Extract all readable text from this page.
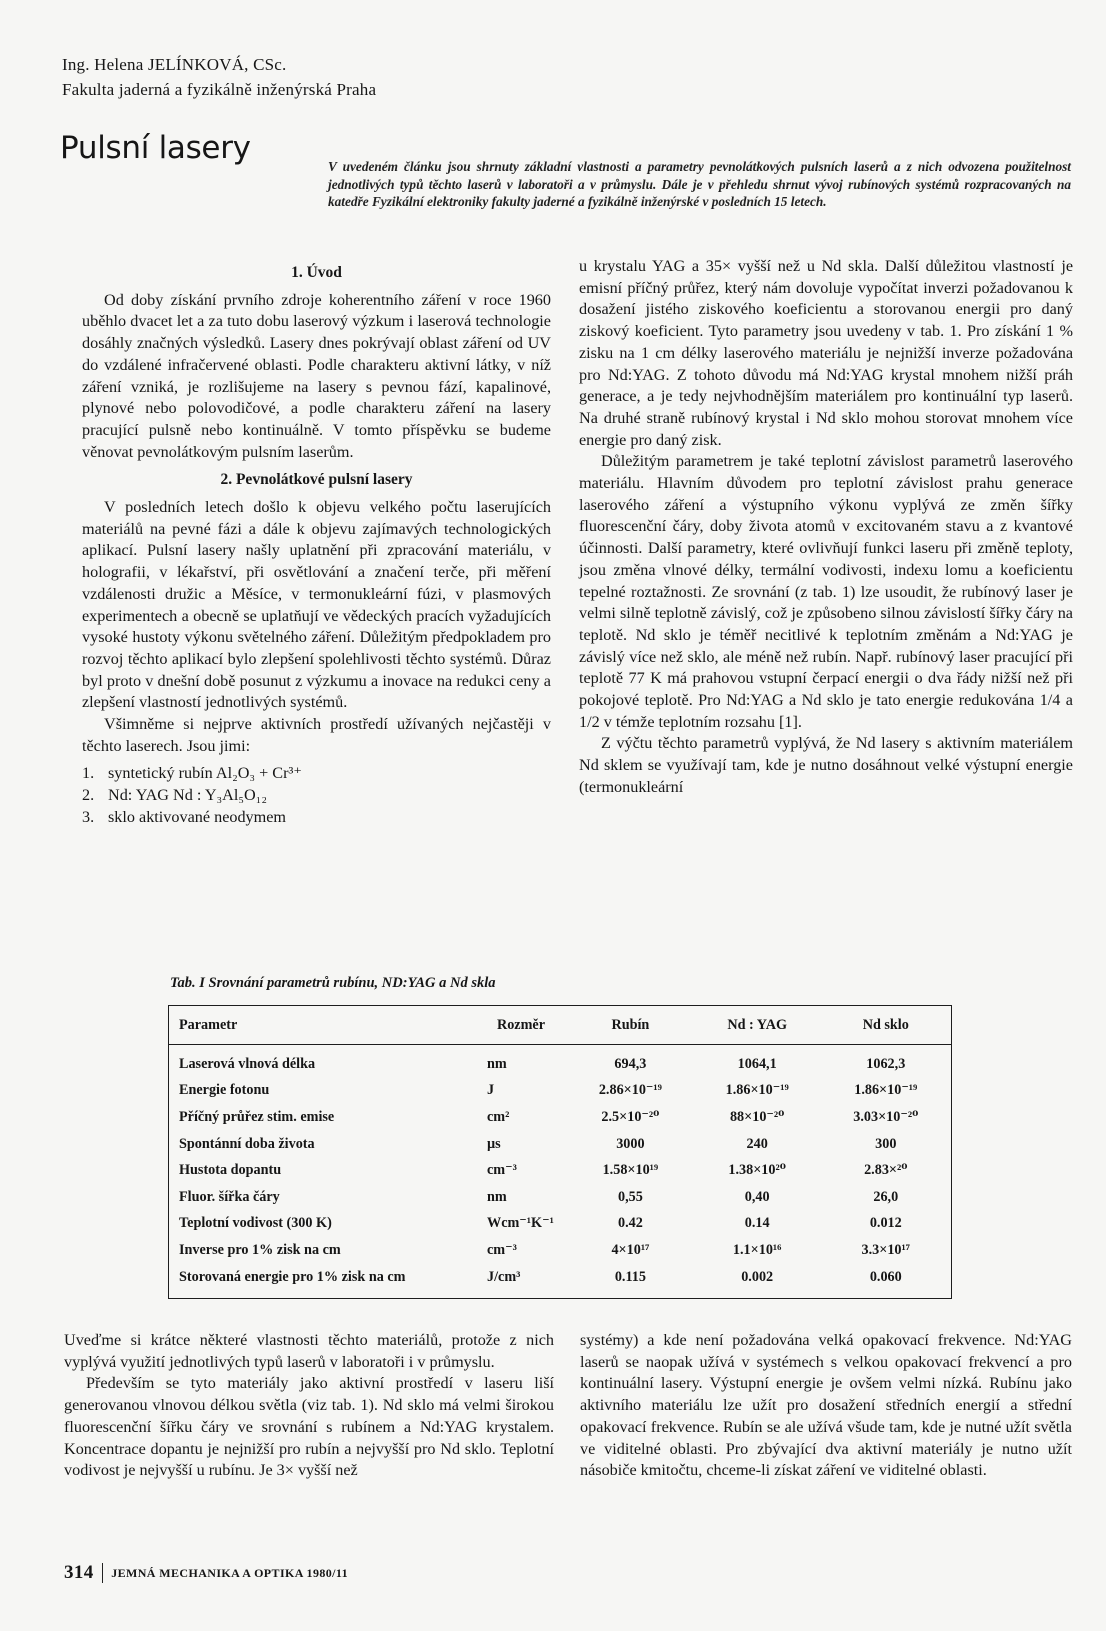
Ing. Helena JELÍNKOVÁ, CSc.
Fakulta jaderná a fyzikálně inženýrská Praha
Pulsní lasery
V uvedeném článku jsou shrnuty základní vlastnosti a parametry pevnolátkových pulsních laserů a z nich odvozena použitelnost jednotlivých typů těchto laserů v laboratoři a v průmyslu. Dále je v přehledu shrnut vývoj rubínových systémů rozpracovaných na katedře Fyzikální elektroniky fakulty jaderné a fyzikálně inženýrské v posledních 15 letech.
1. Úvod

Od doby získání prvního zdroje koherentního záření v roce 1960 uběhlo dvacet let a za tuto dobu laserový výzkum i laserová technologie dosáhly značných výsledků. Lasery dnes pokrývají oblast záření od UV do vzdálené infračervené oblasti. Podle charakteru aktivní látky, v níž záření vzniká, je rozlišujeme na lasery s pevnou fází, kapalinové, plynové nebo polovodičové, a podle charakteru záření na lasery pracující pulsně nebo kontinuálně. V tomto příspěvku se budeme věnovat pevnolátkovým pulsním laserům.

2. Pevnolátkové pulsní lasery

V posledních letech došlo k objevu velkého počtu laserujících materiálů na pevné fázi a dále k objevu zajímavých technologických aplikací. Pulsní lasery našly uplatnění při zpracování materiálu, v holografii, v lékařství, při osvětlování a značení terče, při měření vzdálenosti družic a Měsíce, v termonukleární fúzi, v plasmových experimentech a obecně se uplatňují ve vědeckých pracích vyžadujících vysoké hustoty výkonu světelného záření. Důležitým předpokladem pro rozvoj těchto aplikací bylo zlepšení spolehlivosti těchto systémů. Důraz byl proto v dnešní době posunut z výzkumu a inovace na redukci ceny a zlepšení vlastností jednotlivých systémů.

Všimněme si nejprve aktivních prostředí užívaných nejčastěji v těchto laserech. Jsou jimi:

1. syntetický rubín Al₂O₃ + Cr³⁺
2. Nd: YAG Nd : Y₃Al₅O₁₂
3. sklo aktivované neodymem

u krystalu YAG a 35× vyšší než u Nd skla. Další důležitou vlastností je emisní příčný průřez, který nám dovoluje vypočítat inverzi požadovanou k dosažení jistého ziskového koeficientu a storovanou energii pro daný ziskový koeficient. Tyto parametry jsou uvedeny v tab. 1. Pro získání 1 % zisku na 1 cm délky laserového materiálu je nejnižší inverze požadována pro Nd:YAG. Z tohoto důvodu má Nd:YAG krystal mnohem nižší práh generace, a je tedy nejvhodnějším materiálem pro kontinuální typ laserů. Na druhé straně rubínový krystal i Nd sklo mohou storovat mnohem více energie pro daný zisk.

Důležitým parametrem je také teplotní závislost parametrů laserového materiálu. Hlavním důvodem pro teplotní závislost prahu generace laserového záření a výstupního výkonu vyplývá ze změn šířky fluorescenční čáry, doby života atomů v excitovaném stavu a z kvantové účinnosti. Další parametry, které ovlivňují funkci laseru při změně teploty, jsou změna vlnové délky, termální vodivosti, indexu lomu a koeficientu tepelné roztažnosti. Ze srovnání (z tab. 1) lze usoudit, že rubínový laser je velmi silně teplotně závislý, což je způsobeno silnou závislostí šířky čáry na teplotě. Nd sklo je téměř necitlivé k teplotním změnám a Nd:YAG je závislý více než sklo, ale méně než rubín. Např. rubínový laser pracující při teplotě 77 K má prahovou vstupní čerpací energii o dva řády nižší než při pokojové teplotě. Pro Nd:YAG a Nd sklo je tato energie redukována 1/4 a 1/2 v témže teplotním rozsahu [1].

Z výčtu těchto parametrů vyplývá, že Nd lasery s aktivním materiálem Nd sklem se využívají tam, kde je nutno dosáhnout velké výstupní energie (termonukleární

Tab. I Srovnání parametrů rubínu, ND:YAG a Nd skla
Parametr	Rozměr	Rubín	Nd : YAG	Nd sklo
Laserová vlnová délka	nm	694,3	1064,1	1062,3
Energie fotonu	J	2.86×10⁻¹⁹	1.86×10⁻¹⁹	1.86×10⁻¹⁹
Příčný průřez stim. emise	cm²	2.5×10⁻²⁰	88×10⁻²⁰	3.03×10⁻²⁰
Spontánní doba života	µs	3000	240	300
Hustota dopantu	cm⁻³	1.58×10¹⁹	1.38×10²⁰	2.83×²⁰
Fluor. šířka čáry	nm	0,55	0,40	26,0
Teplotní vodivost (300 K)	Wcm⁻¹K⁻¹	0.42	0.14	0.012
Inverse pro 1% zisk na cm	cm⁻³	4×10¹⁷	1.1×10¹⁶	3.3×10¹⁷
Storovaná energie pro 1% zisk na cm	J/cm³	0.115	0.002	0.060

Uveďme si krátce některé vlastnosti těchto materiálů, protože z nich vyplývá využití jednotlivých typů laserů v laboratoři i v průmyslu.

Především se tyto materiály jako aktivní prostředí v laseru liší generovanou vlnovou délkou světla (viz tab. 1). Nd sklo má velmi širokou fluorescenční šířku čáry ve srovnání s rubínem a Nd:YAG krystalem. Koncentrace dopantu je nejnižší pro rubín a nejvyšší pro Nd sklo. Teplotní vodivost je nejvyšší u rubínu. Je 3× vyšší než

systémy) a kde není požadována velká opakovací frekvence. Nd:YAG laserů se naopak užívá v systémech s velkou opakovací frekvencí a pro kontinuální lasery. Výstupní energie je ovšem velmi nízká. Rubínu jako aktivního materiálu lze užít pro dosažení středních energií a střední opakovací frekvence. Rubín se ale užívá všude tam, kde je nutné užít světla ve viditelné oblasti. Pro zbývající dva aktivní materiály je nutno užít násobiče kmitočtu, chceme-li získat záření ve viditelné oblasti.

314 JEMNÁ MECHANIKA A OPTIKA 1980/11
